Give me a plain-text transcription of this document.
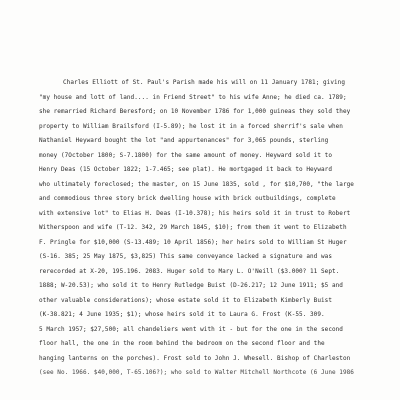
Charles Elliott of St. Paul's Parish made his will on 11 January 1781; giving
"my house and lott of land.... in Friend Street" to his wife Anne; he died ca. 1789;
she remarried Richard Beresford; on 10 November 1786 for 1,000 guineas they sold they
property to William Brailsford (I-5.89); he lost it in a forced sherrif's sale when
Nathaniel Heyward bought the lot "and appurtenances" for 3,065 pounds, sterling
money (7October 1800; S-7.1800) for the same amount of money. Heyward sold it to
Henry Deas (15 October 1822; 1-7.465; see plat). He mortgaged it back to Heyward
who ultimately foreclosed; the master, on 15 June 1835, sold , for $10,700, "the large
and commodious three story brick dwelling house with brick outbuildings, complete
with extensive lot" to Elias H. Deas (I-10.378); his heirs sold it in trust to Robert
Witherspoon and wife (T-12. 342, 29 March 1845, $10); from them it went to Elizabeth
F. Pringle for $10,000 (S-13.489; 10 April 1856); her heirs sold to William St Huger
(S-16. 385; 25 May 1875, $3,825) This same conveyance lacked a signature and was
rerecorded at X-20, 195.196. 2083. Huger sold to Mary L. O'Neill ($3.000? 11 Sept.
1888; W-20.53); who sold it to Henry Rutledge Buist (D-26.217; 12 June 1911; $5 and
other valuable considerations); whose estate sold it to Elizabeth Kimberly Buist
(K-38.821; 4 June 1935; $1); whose heirs sold it to Laura G. Frost (K-55. 309.
5 March 1957; $27,500; all chandeliers went with it - but for the one in the second
floor hall, the one in the room behind the bedroom on the second floor and the
hanging lanterns on the porches). Frost sold to John J. Whesell. Bishop of Charleston
(see No. 1966. $40,000, T-65.106?); who sold to Walter Mitchell Northcote (6 June 1986
